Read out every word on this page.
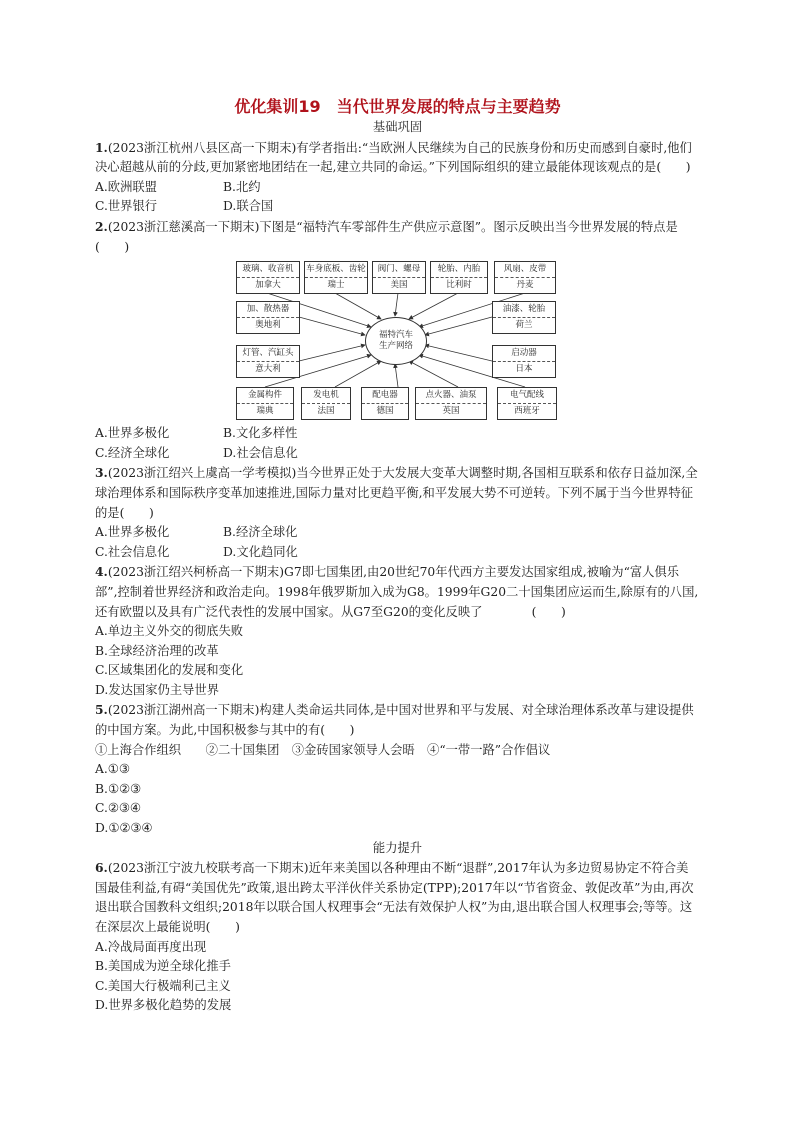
优化集训19　 当代世界发展的特点与主要趋势
基础巩固

1.(2023浙江杭州八县区高一下期末)有学者指出:“当欧洲人民继续为自己的民族身份和历史而感到自豪时,他们决心超越从前的分歧,更加紧密地团结在一起,建立共同的命运。”下列国际组织的建立最能体现该观点的是(　　)

A.欧洲联盟	B.北约
C.世界银行	D.联合国

2.(2023浙江慈溪高一下期末)下图是“福特汽车零部件生产供应示意图”。图示反映出当今世界发展的特点是(　　)

玻璃、收音机
加拿大
车身底板、齿轮
瑞士
阀门、螺母
美国
轮胎、内胎
比利时
风扇、皮带
丹麦
加、散热器
奥地利
油漆、轮胎
荷兰
福特汽车
生产网络
灯管、汽缸头
意大利
启动器
日本
金属构件
瑞典
发电机
法国
配电器
德国
点火器、油泵
英国
电气配线
西班牙
A.世界多极化	B.文化多样性
C.经济全球化	D.社会信息化

3.(2023浙江绍兴上虞高一学考模拟)当今世界正处于大发展大变革大调整时期,各国相互联系和依存日益加深,全球治理体系和国际秩序变革加速推进,国际力量对比更趋平衡,和平发展大势不可逆转。下列不属于当今世界特征的是(　　)

A.世界多极化	B.经济全球化
C.社会信息化	D.文化趋同化

4.(2023浙江绍兴柯桥高一下期末)G7即七国集团,由20世纪70年代西方主要发达国家组成,被喻为“富人俱乐部”,控制着世界经济和政治走向。1998年俄罗斯加入成为G8。1999年G20二十国集团应运而生,除原有的八国,还有欧盟以及具有广泛代表性的发展中国家。从G7至G20的变化反映了　　　　(　　)

A.单边主义外交的彻底失败
B.全球经济治理的改革
C.区域集团化的发展和变化
D.发达国家仍主导世界

5.(2023浙江湖州高一下期末)构建人类命运共同体,是中国对世界和平与发展、对全球治理体系改革与建设提供的中国方案。为此,中国积极参与其中的有(　　)

①上海合作组织　　②二十国集团　③金砖国家领导人会晤　④“一带一路”合作倡议
A.①③
B.①②③
C.②③④
D.①②③④
能力提升

6.(2023浙江宁波九校联考高一下期末)近年来美国以各种理由不断“退群”,2017年认为多边贸易协定不符合美国最佳利益,有碍“美国优先”政策,退出跨太平洋伙伴关系协定(TPP);2017年以“节省资金、敦促改革”为由,再次退出联合国教科文组织;2018年以联合国人权理事会“无法有效保护人权”为由,退出联合国人权理事会;等等。这在深层次上最能说明(　　)

A.冷战局面再度出现
B.美国成为逆全球化推手
C.美国大行极端利己主义
D.世界多极化趋势的发展
